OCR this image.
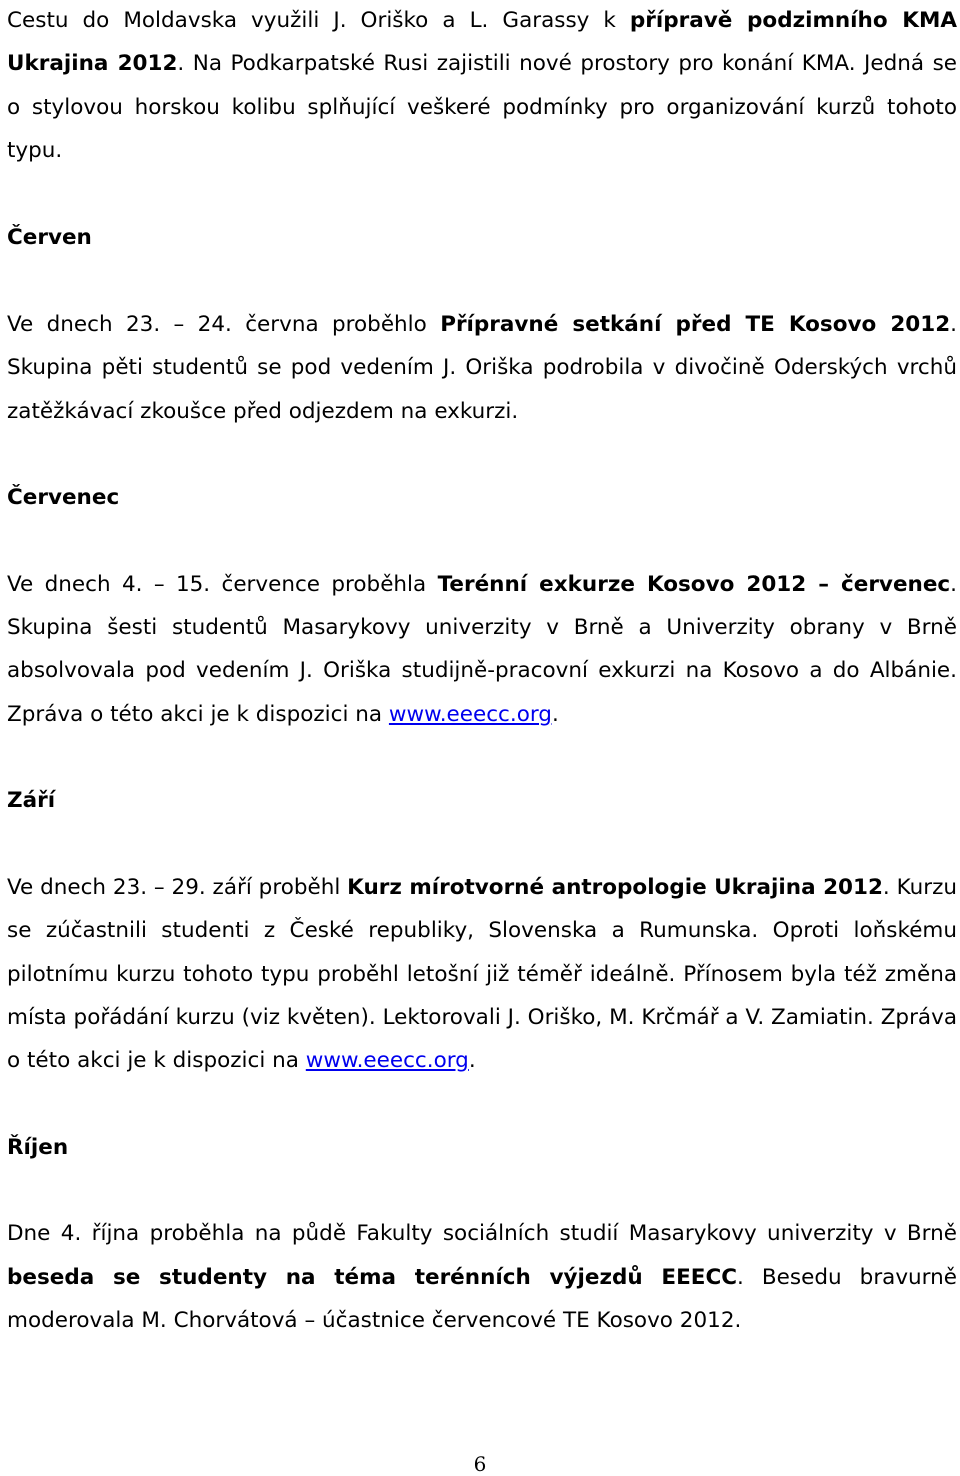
Cestu do Moldavska využili J. Oriško a L. Garassy k přípravě podzimního KMA Ukrajina 2012. Na Podkarpatské Rusi zajistili nové prostory pro konání KMA. Jedná se o stylovou horskou kolibu splňující veškeré podmínky pro organizování kurzů tohoto typu.

Červen

Ve dnech 23. – 24. června proběhlo Přípravné setkání před TE Kosovo 2012. Skupina pěti studentů se pod vedením J. Oriška podrobila v divočině Oderských vrchů zatěžkávací zkoušce před odjezdem na exkurzi.

Červenec

Ve dnech 4. – 15. července proběhla Terénní exkurze Kosovo 2012 – červenec. Skupina šesti studentů Masarykovy univerzity v Brně a Univerzity obrany v Brně absolvovala pod vedením J. Oriška studijně-pracovní exkurzi na Kosovo a do Albánie. Zpráva o této akci je k dispozici na www.eeecc.org.

Září

Ve dnech 23. – 29. září proběhl Kurz mírotvorné antropologie Ukrajina 2012. Kurzu se zúčastnili studenti z České republiky, Slovenska a Rumunska. Oproti loňskému pilotnímu kurzu tohoto typu proběhl letošní již téměř ideálně. Přínosem byla též změna místa pořádání kurzu (viz květen). Lektorovali J. Oriško, M. Krčmář a V. Zamiatin. Zpráva o této akci je k dispozici na www.eeecc.org.

Říjen

Dne 4. října proběhla na půdě Fakulty sociálních studií Masarykovy univerzity v Brně beseda se studenty na téma terénních výjezdů EEECC. Besedu bravurně moderovala M. Chorvátová – účastnice červencové TE Kosovo 2012.

6
